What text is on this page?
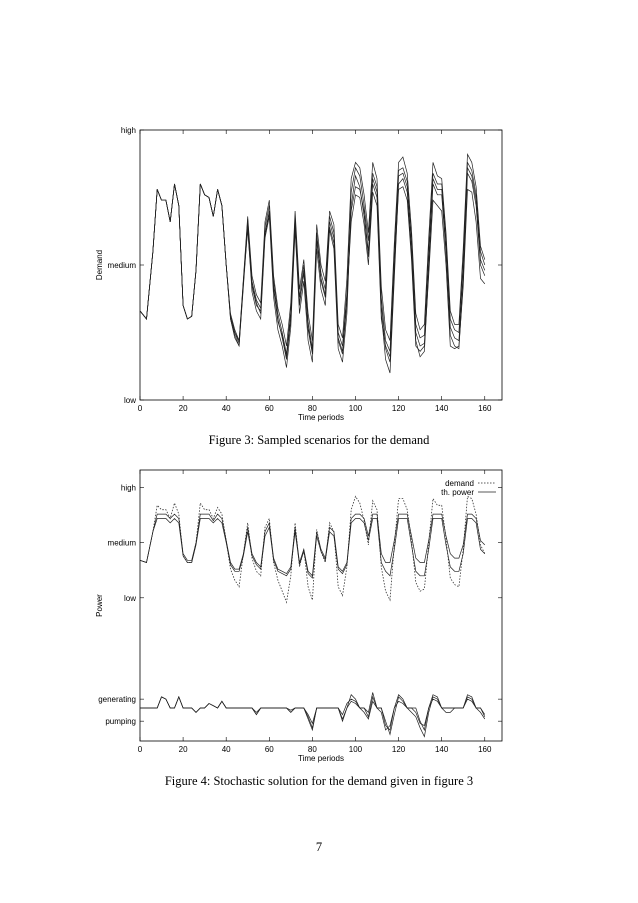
0	20	40	60	80	100	120	140	160
Time periods
low
medium
high
Demand
0	20	40	60	80	100	120	140	160
Time periods
pumping
generating
low
medium
high
Power
demand
th. power
Figure 3: Sampled scenarios for the demand
Figure 4: Stochastic solution for the demand given in figure 3
7
